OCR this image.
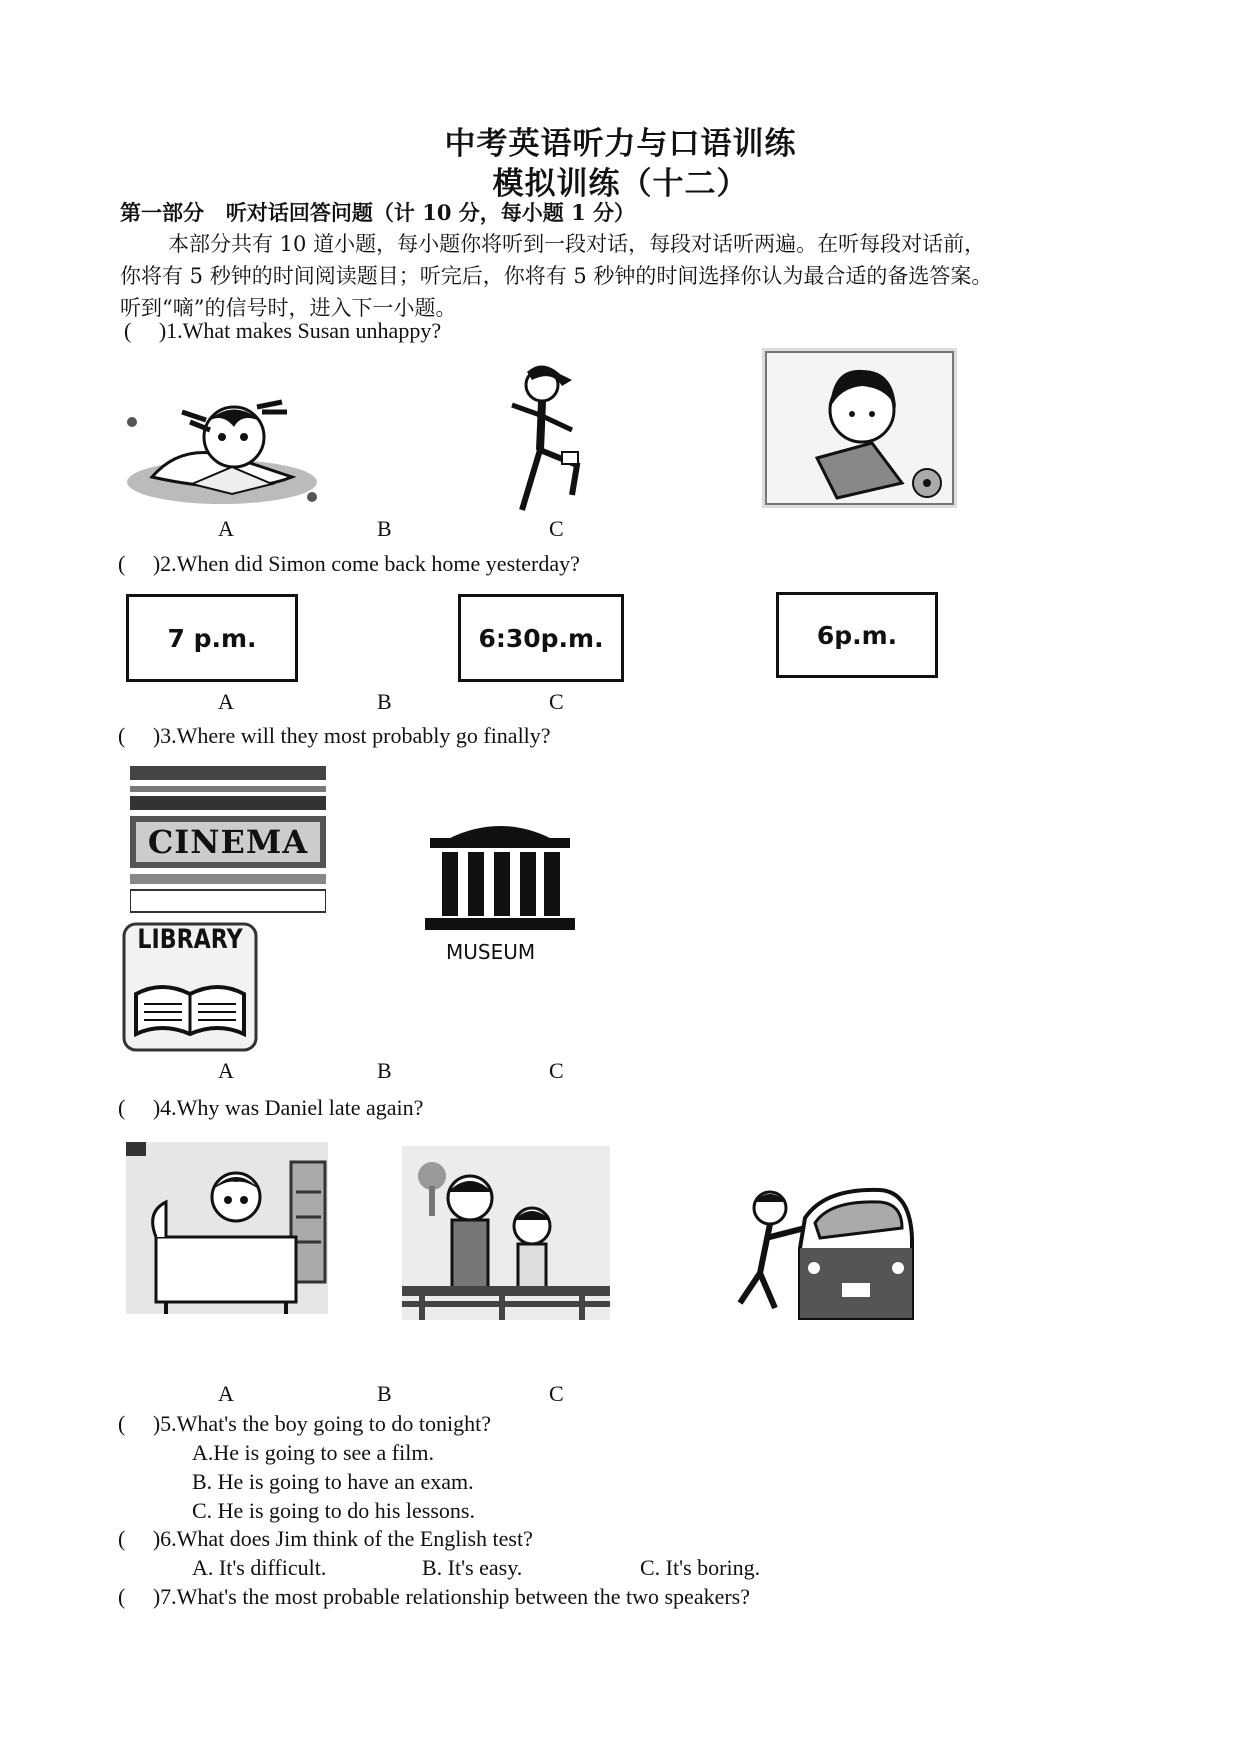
中考英语听力与口语训练
模拟训练（十二）
第一部分   听对话回答问题（计 10 分，每小题 1 分）

本部分共有 10 道小题，每小题你将听到一段对话，每段对话听两遍。在听每段对话前，

你将有 5 秒钟的时间阅读题目；听完后，你将有 5 秒钟的时间选择你认为最合适的备选答案。

听到“嘀”的信号时，进入下一小题。

(     )1.What makes Susan unhappy?
A	B	C
(     )2.When did Simon come back home yesterday?
7 p.m.	6:30p.m.	6p.m.
A	B	C
(     )3.Where will they most probably go finally?
CINEMA
LIBRARY	MUSEUM
A	B	C
(     )4.Why was Daniel late again?
A	B	C
(     )5.What's the boy going to do tonight?
A.He is going to see a film.
B. He is going to have an exam.
C. He is going to do his lessons.
(     )6.What does Jim think of the English test?
A. It's difficult.	B. It's easy.	C. It's boring.
(     )7.What's the most probable relationship between the two speakers?
